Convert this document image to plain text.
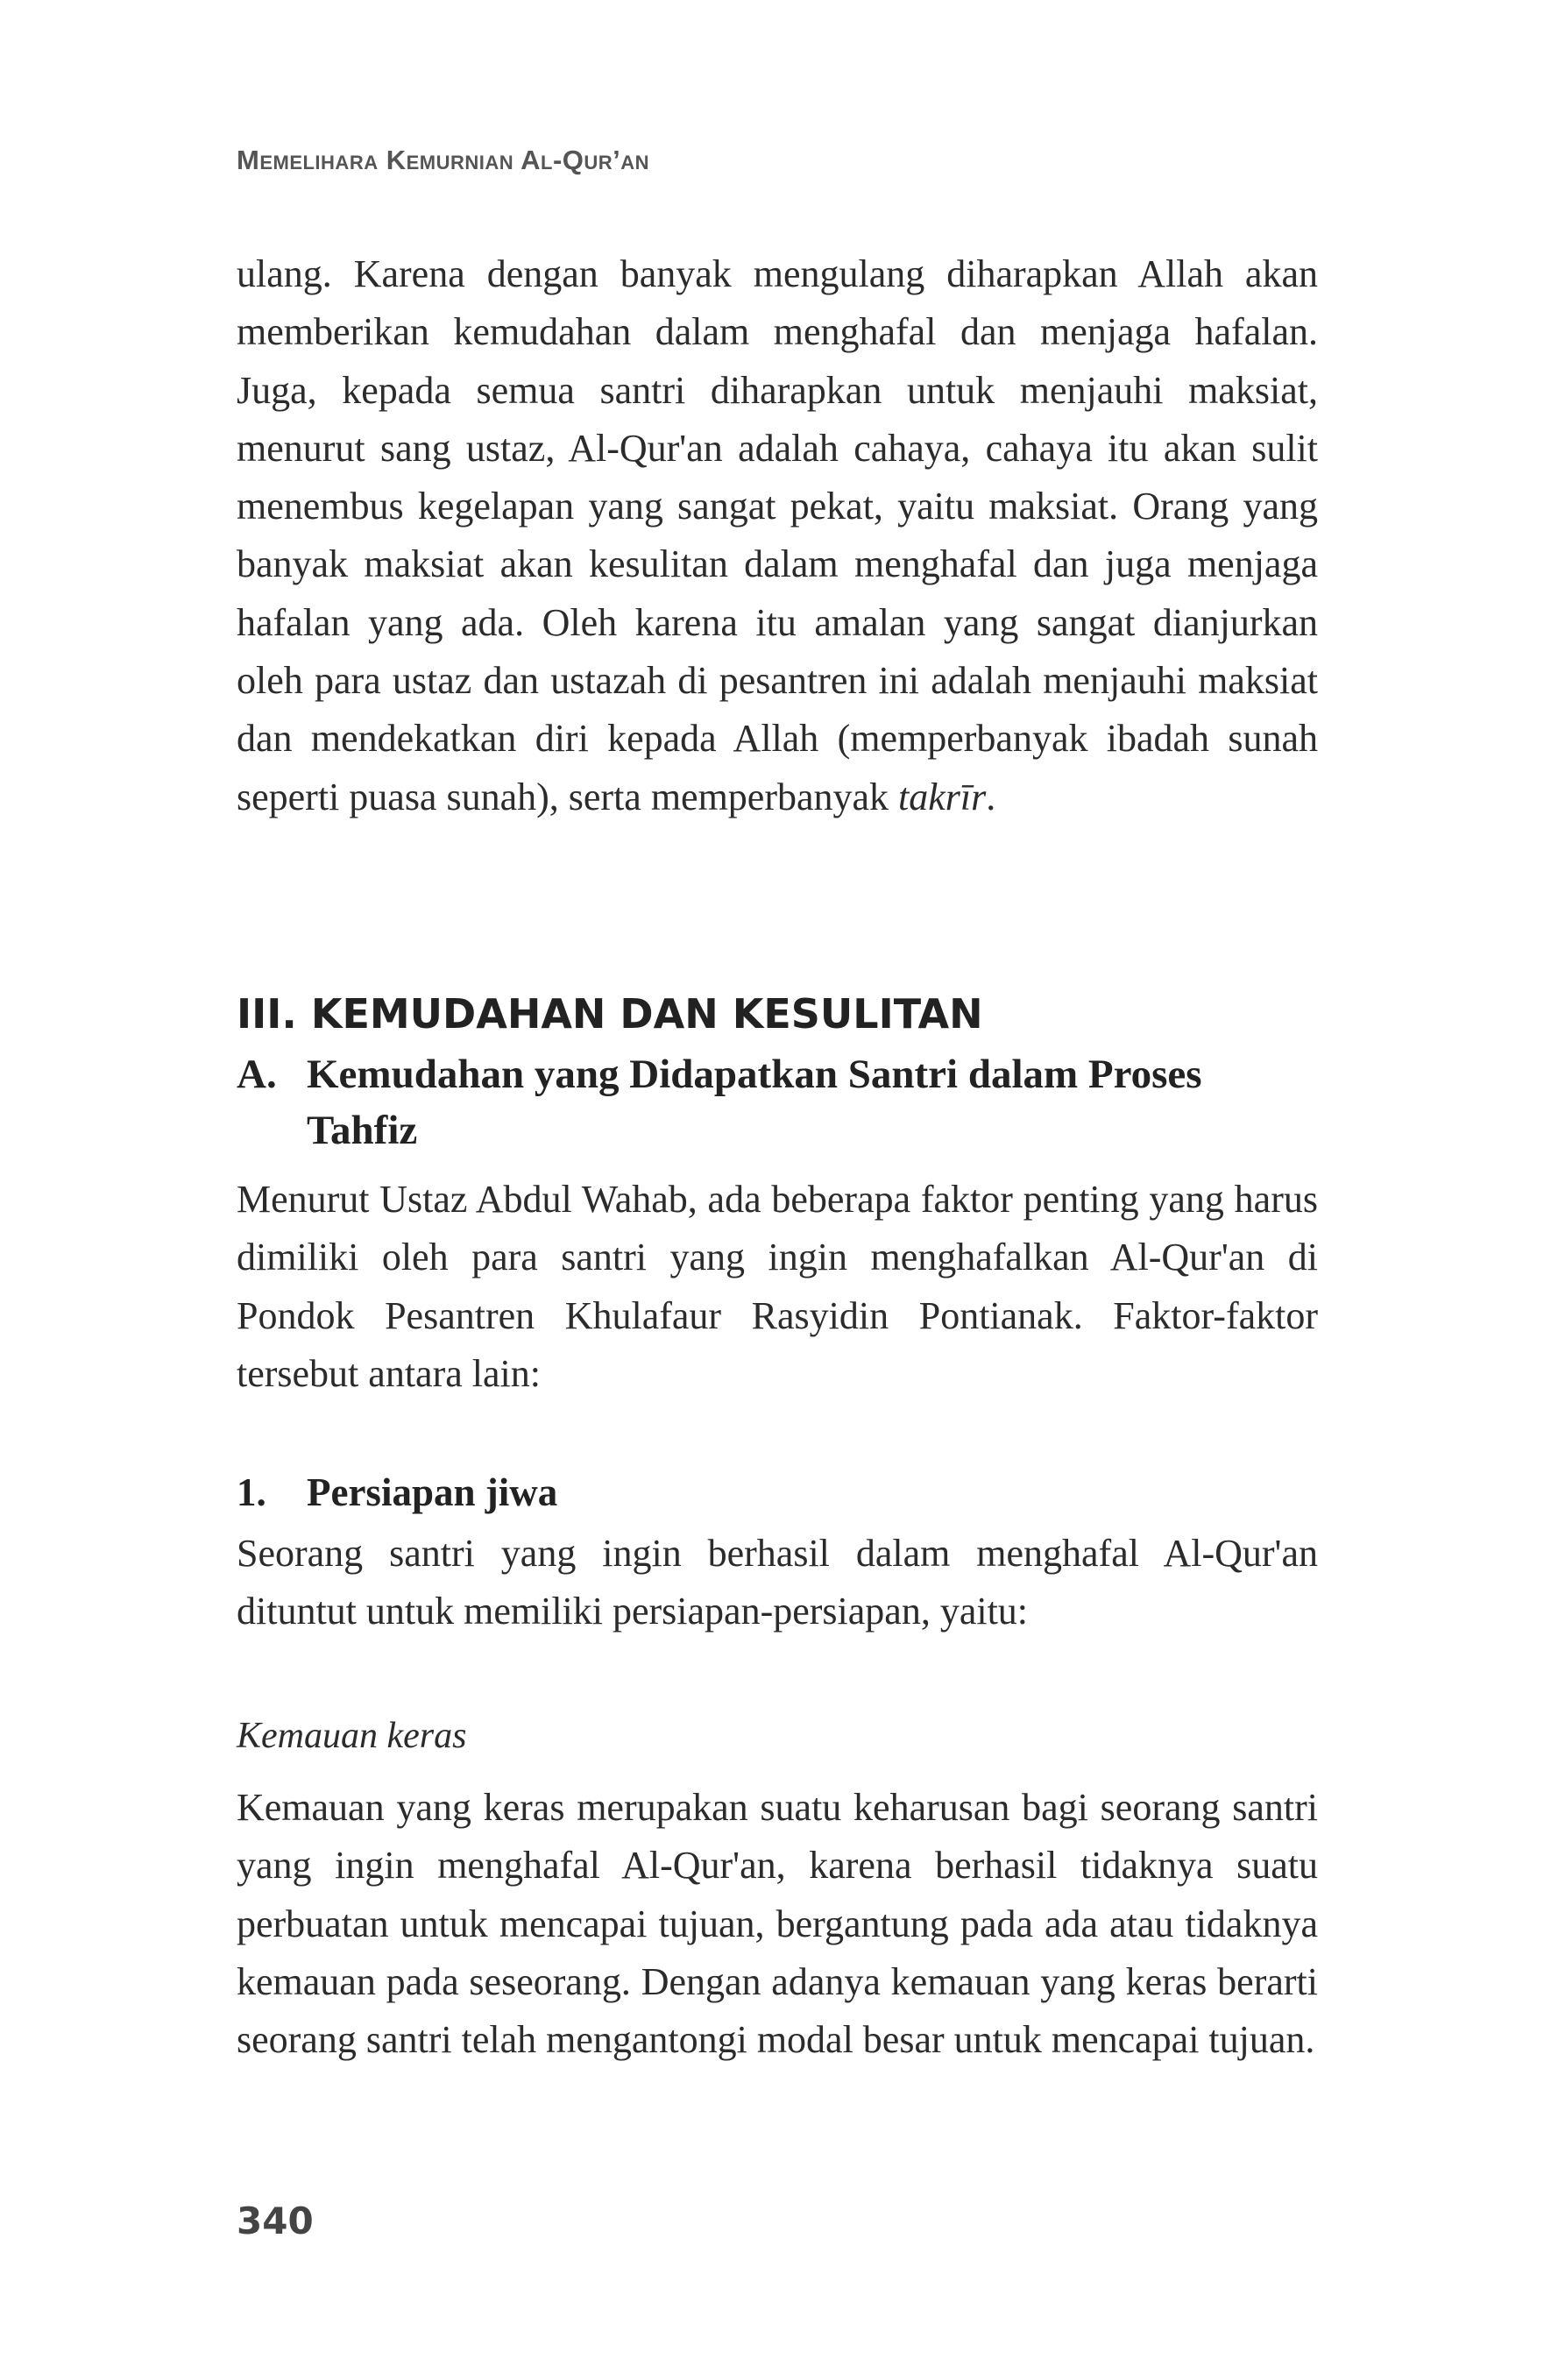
Memelihara Kemurnian Al-Qur’an

ulang. Karena dengan banyak mengulang diharapkan Allah akan memberikan kemudahan dalam menghafal dan menjaga hafalan. Juga, kepada semua santri diharapkan untuk menjauhi maksiat, menurut sang ustaz, Al-Qur'an adalah cahaya, cahaya itu akan sulit menembus kegelapan yang sangat pekat, yaitu maksiat. Orang yang banyak maksiat akan kesulitan dalam menghafal dan juga menjaga hafalan yang ada. Oleh karena itu amalan yang sangat dianjurkan oleh para ustaz dan ustazah di pesantren ini adalah menjauhi maksiat dan mendekatkan diri kepada Allah (memperbanyak ibadah sunah seperti puasa sunah), serta memperbanyak takrīr.

III. KEMUDAHAN DAN KESULITAN
A. Kemudahan yang Didapatkan Santri dalam Proses Tahfiz

Menurut Ustaz Abdul Wahab, ada beberapa faktor penting yang harus dimiliki oleh para santri yang ingin menghafalkan Al-Qur'an di Pondok Pesantren Khulafaur Rasyidin Pontianak. Faktor-faktor tersebut antara lain:

1. Persiapan jiwa

Seorang santri yang ingin berhasil dalam menghafal Al-Qur'an dituntut untuk memiliki persiapan-persiapan, yaitu:

Kemauan keras

Kemauan yang keras merupakan suatu keharusan bagi seorang santri yang ingin menghafal Al-Qur'an, karena berhasil tidaknya suatu perbuatan untuk mencapai tujuan, bergantung pada ada atau tidaknya kemauan pada seseorang. Dengan adanya kemauan yang keras berarti seorang santri telah mengantongi modal besar untuk mencapai tujuan.

340
